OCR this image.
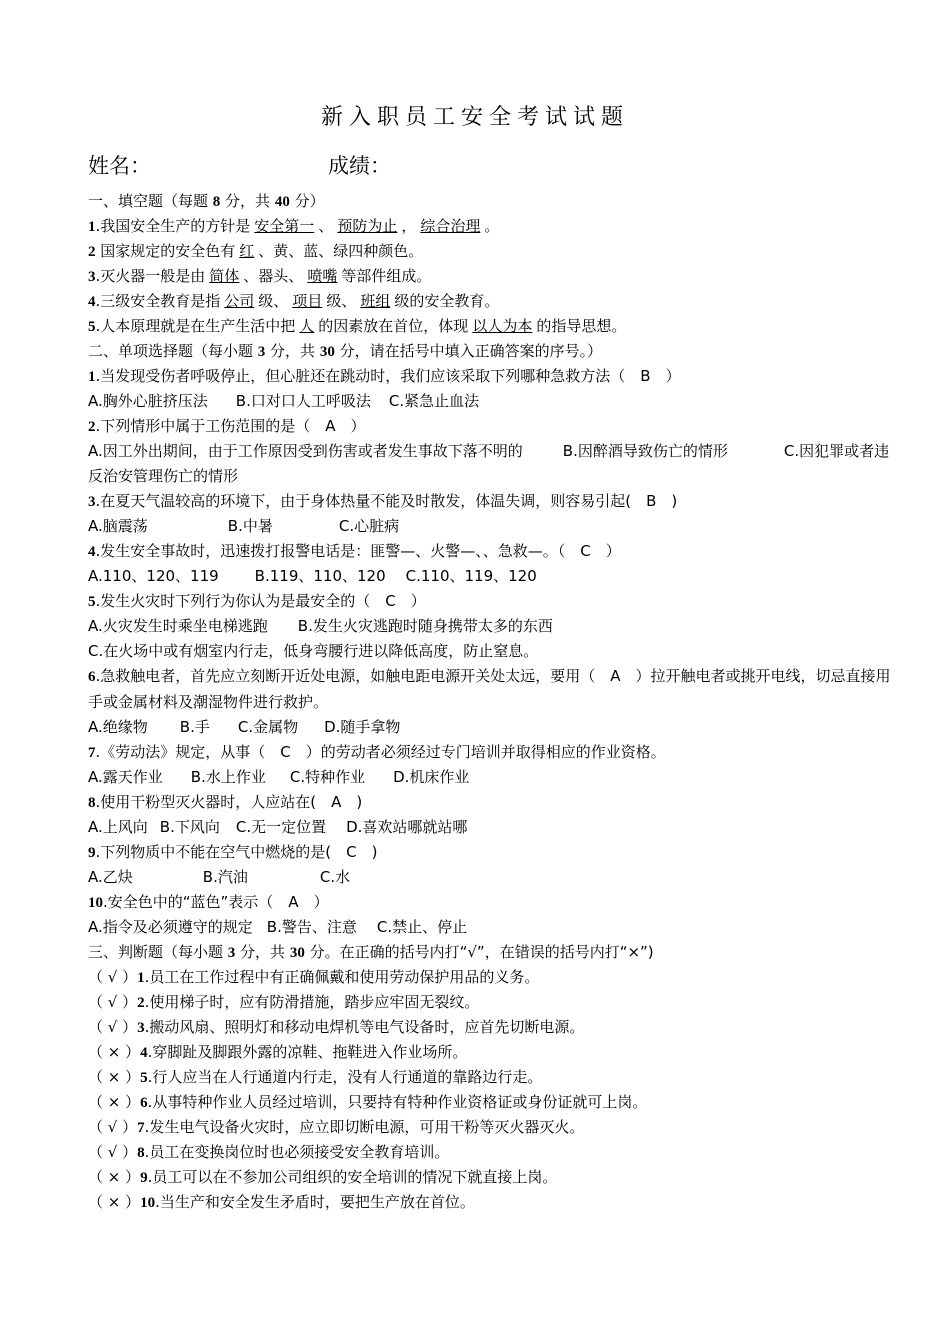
新入职员工安全考试试题
姓名：	成绩：
一、填空题（每题 8 分，共 40 分）
1.我国安全生产的方针是 安全第一 、 预防为止 ， 综合治理 。
2 国家规定的安全色有 红 、黄、蓝、绿四种颜色。
3.灭火器一般是由 简体 、器头、 喷嘴 等部件组成。
4.三级安全教育是指 公司 级、 项目 级、 班组 级的安全教育。
5.人本原理就是在生产生活中把 人 的因素放在首位，体现 以人为本 的指导思想。
二、单项选择题（每小题 3 分，共 30 分，请在括号中填入正确答案的序号。）
1.当发现受伤者呼吸停止，但心脏还在跳动时，我们应该采取下列哪种急救方法（　B　）
A.胸外心脏挤压法 B.口对口人工呼吸法 C.紧急止血法
2.下列情形中属于工伤范围的是（　A　）
A.因工外出期间，由于工作原因受到伤害或者发生事故下落不明的	B.因醉酒导致伤亡的情形	C.因犯罪或者违反治安管理伤亡的情形
3.在夏天气温较高的环境下，由于身体热量不能及时散发，体温失调，则容易引起(　B　)
A.脑震荡	B.中暑	C.心脏病
4.发生安全事故时，迅速拨打报警电话是：匪警—、火警—、、急救—。（　C　）
A.110、120、119 B.119、110、120 C.110、119、120
5.发生火灾时下列行为你认为是最安全的（　C　）
A.火灾发生时乘坐电梯逃跑 B.发生火灾逃跑时随身携带太多的东西
C.在火场中或有烟室内行走，低身弯腰行进以降低高度，防止窒息。
6.急救触电者，首先应立刻断开近处电源，如触电距电源开关处太远，要用（　A　）拉开触电者或挑开电线，切忌直接用手或金属材料及潮湿物件进行救护。
A.绝缘物 B.手 C.金属物 D.随手拿物
7.《劳动法》规定，从事（　C　）的劳动者必须经过专门培训并取得相应的作业资格。
A.露天作业 B.水上作业 C.特种作业 D.机床作业
8.使用干粉型灭火器时，人应站在(　A　)
A.上风向 B.下风向 C.无一定位置 D.喜欢站哪就站哪
9.下列物质中不能在空气中燃烧的是(　C　)
A.乙炔	B.汽油	C.水
10.安全色中的“蓝色”表示（　A　）
A.指令及必须遵守的规定 B.警告、注意 C.禁止、停止
三、判断题（每小题 3 分，共 30 分。在正确的括号内打“√”，在错误的括号内打“×”)
（ √ ）1.员工在工作过程中有正确佩戴和使用劳动保护用品的义务。
（ √ ）2.使用梯子时，应有防滑措施，踏步应牢固无裂纹。
（ √ ）3.搬动风扇、照明灯和移动电焊机等电气设备时，应首先切断电源。
（ × ）4.穿脚趾及脚跟外露的凉鞋、拖鞋进入作业场所。
（ × ）5.行人应当在人行通道内行走，没有人行通道的靠路边行走。
（ × ）6.从事特种作业人员经过培训，只要持有特种作业资格证或身份证就可上岗。
（ √ ）7.发生电气设备火灾时，应立即切断电源，可用干粉等灭火器灭火。
（ √ ）8.员工在变换岗位时也必须接受安全教育培训。
（ × ）9.员工可以在不参加公司组织的安全培训的情况下就直接上岗。
（ × ）10.当生产和安全发生矛盾时，要把生产放在首位。
